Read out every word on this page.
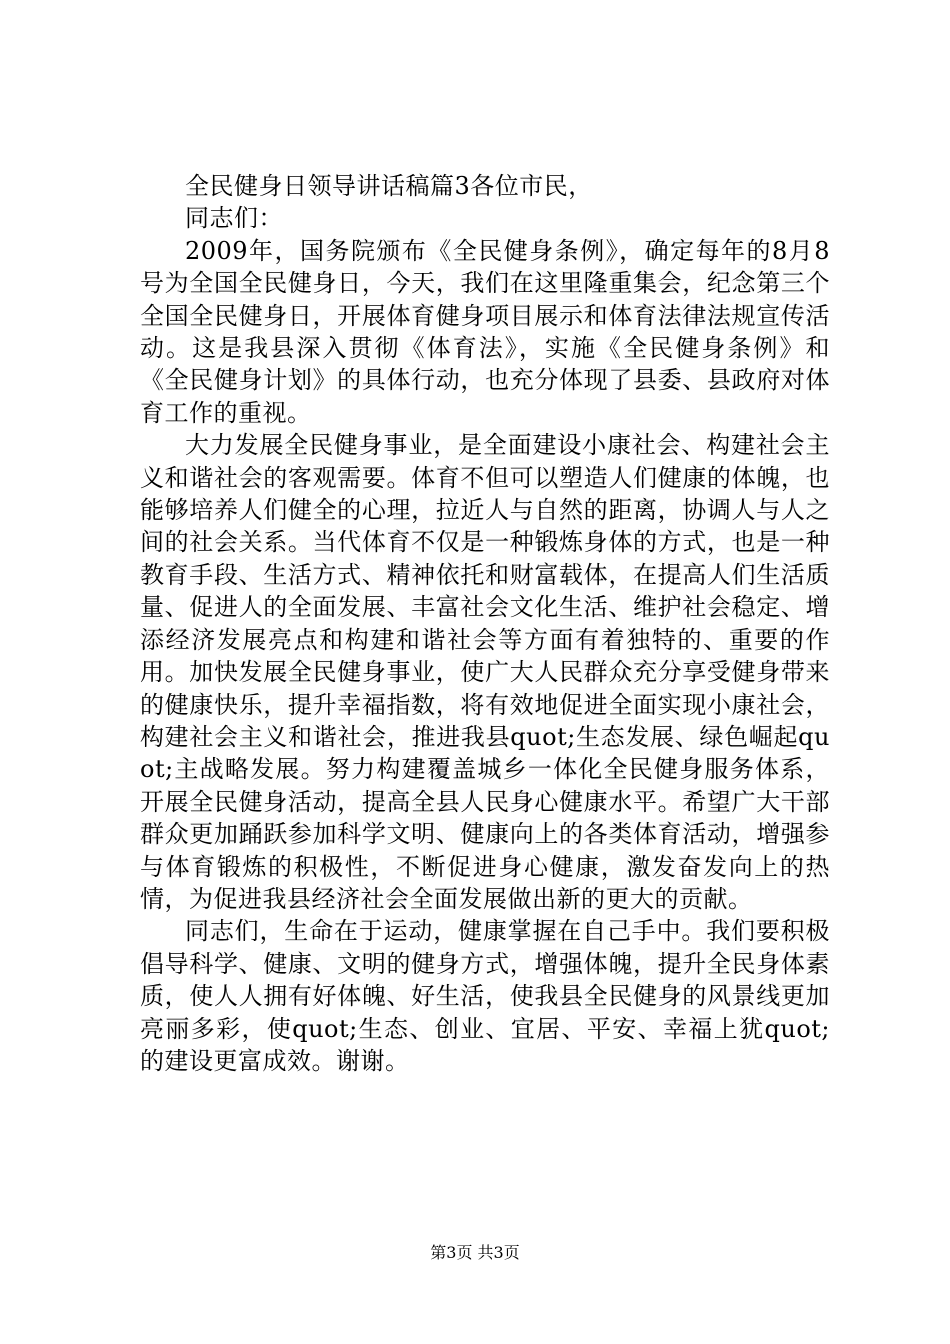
全民健身日领导讲话稿篇3各位市民，

同志们：

2009年，国务院颁布《全民健身条例》，确定每年的8月8号为全国全民健身日，今天，我们在这里隆重集会，纪念第三个全国全民健身日，开展体育健身项目展示和体育法律法规宣传活动。这是我县深入贯彻《体育法》，实施《全民健身条例》和《全民健身计划》的具体行动，也充分体现了县委、县政府对体育工作的重视。

大力发展全民健身事业，是全面建设小康社会、构建社会主义和谐社会的客观需要。体育不但可以塑造人们健康的体魄，也能够培养人们健全的心理，拉近人与自然的距离，协调人与人之间的社会关系。当代体育不仅是一种锻炼身体的方式，也是一种教育手段、生活方式、精神依托和财富载体，在提高人们生活质量、促进人的全面发展、丰富社会文化生活、维护社会稳定、增添经济发展亮点和构建和谐社会等方面有着独特的、重要的作用。加快发展全民健身事业，使广大人民群众充分享受健身带来的健康快乐，提升幸福指数，将有效地促进全面实现小康社会，构建社会主义和谐社会，推进我县quot;生态发展、绿色崛起quot;主战略发展。努力构建覆盖城乡一体化全民健身服务体系，开展全民健身活动，提高全县人民身心健康水平。希望广大干部群众更加踊跃参加科学文明、健康向上的各类体育活动，增强参与体育锻炼的积极性，不断促进身心健康，激发奋发向上的热情，为促进我县经济社会全面发展做出新的更大的贡献。

同志们，生命在于运动，健康掌握在自己手中。我们要积极倡导科学、健康、文明的健身方式，增强体魄，提升全民身体素质，使人人拥有好体魄、好生活，使我县全民健身的风景线更加亮丽多彩，使quot;生态、创业、宜居、平安、幸福上犹quot;的建设更富成效。谢谢。

第3页 共3页
